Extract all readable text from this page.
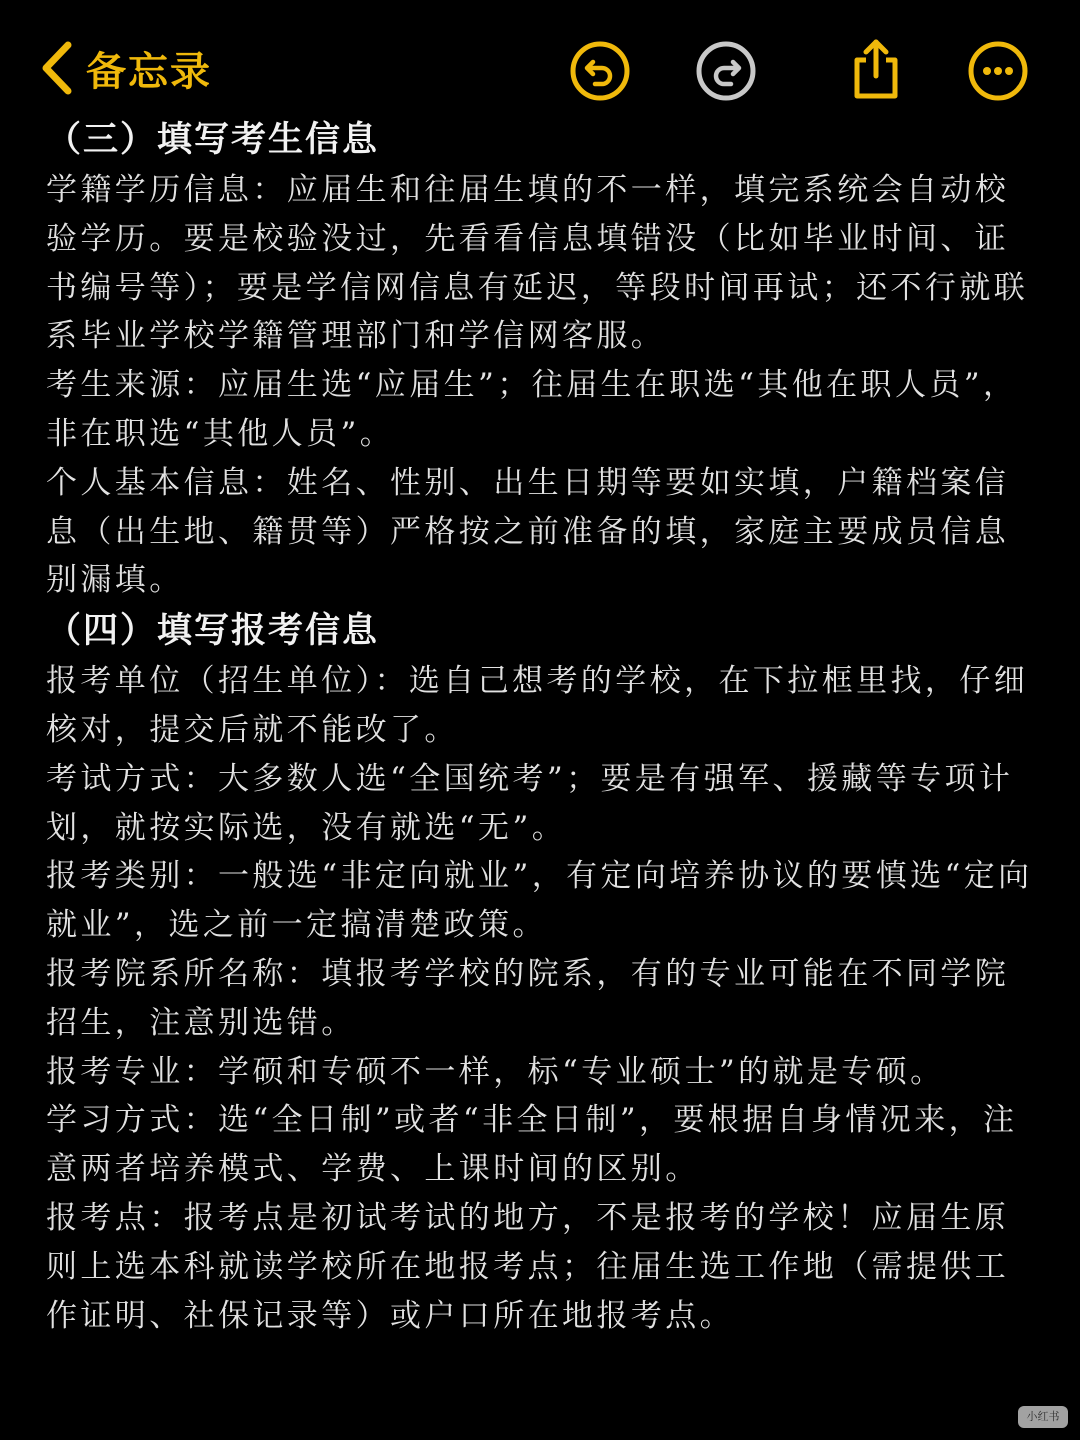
备忘录
（三）填写考生信息

学籍学历信息：应届生和往届生填的不一样，填完系统会自动校验学历。要是校验没过，先看看信息填错没（比如毕业时间、证书编号等）；要是学信网信息有延迟，等段时间再试；还不行就联系毕业学校学籍管理部门和学信网客服。

考生来源：应届生选“应届生”；往届生在职选“其他在职人员”，非在职选“其他人员”。

个人基本信息：姓名、性别、出生日期等要如实填，户籍档案信息（出生地、籍贯等）严格按之前准备的填，家庭主要成员信息别漏填。

（四）填写报考信息

报考单位（招生单位）：选自己想考的学校，在下拉框里找，仔细核对，提交后就不能改了。

考试方式：大多数人选“全国统考”；要是有强军、援藏等专项计划，就按实际选，没有就选“无”。

报考类别：一般选“非定向就业”，有定向培养协议的要慎选“定向就业”，选之前一定搞清楚政策。

报考院系所名称：填报考学校的院系，有的专业可能在不同学院招生，注意别选错。

报考专业：学硕和专硕不一样，标“专业硕士”的就是专硕。

学习方式：选“全日制”或者“非全日制”，要根据自身情况来，注意两者培养模式、学费、上课时间的区别。

报考点：报考点是初试考试的地方，不是报考的学校！应届生原则上选本科就读学校所在地报考点；往届生选工作地（需提供工作证明、社保记录等）或户口所在地报考点。

小红书
